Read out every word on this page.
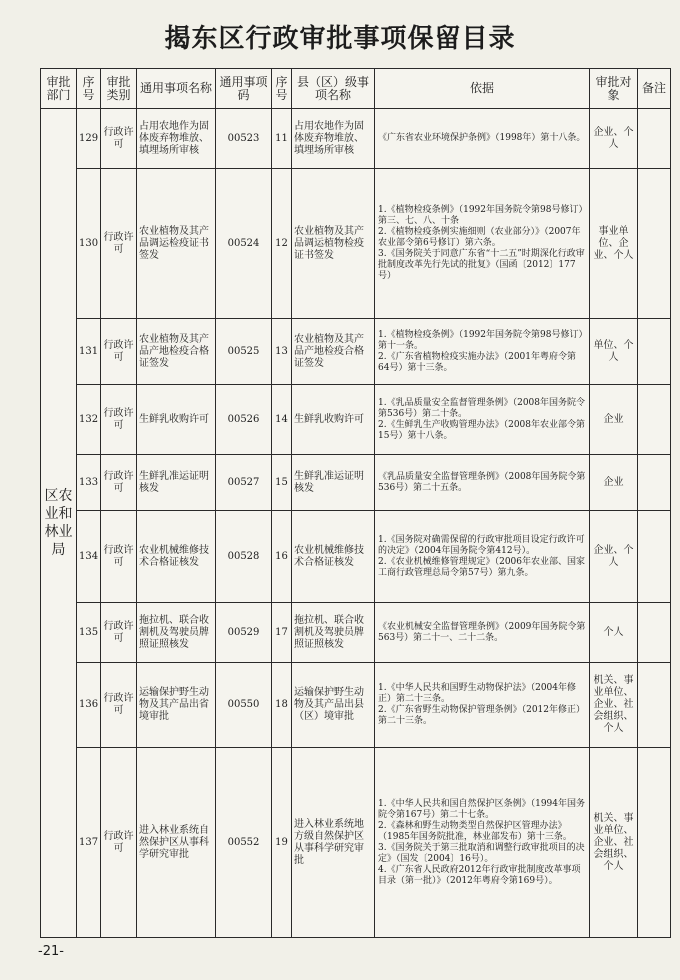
揭东区行政审批事项保留目录
审批部门	序号	审批类别	通用事项名称	通用事项码	序号	县（区）级事项名称	依据	审批对象	备注
区农业和林业局	129	行政许可	占用农地作为固体废弃物堆放、填埋场所审核	00523	11	占用农地作为固体废弃物堆放、填埋场所审核	《广东省农业环境保护条例》（1998年）第十八条。	企业、个人	
	130	行政许可	农业植物及其产品调运检疫证书签发	00524	12	农业植物及其产品调运植物检疫证书签发	1.《植物检疫条例》（1992年国务院令第98号修订）第三、七、八、十条
2.《植物检疫条例实施细则（农业部分）》（2007年农业部令第6号修订）第六条。
3.《国务院关于同意广东省“十二五”时期深化行政审批制度改革先行先试的批复》（国函〔2012〕177号）	事业单位、企业、个人	
	131	行政许可	农业植物及其产品产地检疫合格证签发	00525	13	农业植物及其产品产地检疫合格证签发	1.《植物检疫条例》（1992年国务院令第98号修订）第十一条。
2.《广东省植物检疫实施办法》（2001年粤府令第64号）第十三条。	单位、个人	
	132	行政许可	生鲜乳收购许可	00526	14	生鲜乳收购许可	1.《乳品质量安全监督管理条例》（2008年国务院令第536号）第二十条。
2.《生鲜乳生产收购管理办法》（2008年农业部令第15号）第十八条。	企业	
	133	行政许可	生鲜乳准运证明核发	00527	15	生鲜乳准运证明核发	《乳品质量安全监督管理条例》（2008年国务院令第536号）第二十五条。	企业	
	134	行政许可	农业机械维修技术合格证核发	00528	16	农业机械维修技术合格证核发	1.《国务院对确需保留的行政审批项目设定行政许可的决定》（2004年国务院令第412号）。
2.《农业机械维修管理规定》（2006年农业部、国家工商行政管理总局令第57号）第九条。	企业、个人	
	135	行政许可	拖拉机、联合收割机及驾驶员牌照证照核发	00529	17	拖拉机、联合收割机及驾驶员牌照证照核发	《农业机械安全监督管理条例》（2009年国务院令第563号）第二十一、二十二条。	个人	
	136	行政许可	运输保护野生动物及其产品出省境审批	00550	18	运输保护野生动物及其产品出县（区）境审批	1.《中华人民共和国野生动物保护法》（2004年修正）第二十三条。
2.《广东省野生动物保护管理条例》（2012年修正）第二十三条。	机关、事业单位、企业、社会组织、个人	
	137	行政许可	进入林业系统自然保护区从事科学研究审批	00552	19	进入林业系统地方级自然保护区从事科学研究审批	1.《中华人民共和国自然保护区条例》（1994年国务院令第167号）第二十七条。
2.《森林和野生动物类型自然保护区管理办法》（1985年国务院批准，林业部发布）第十三条。
3.《国务院关于第三批取消和调整行政审批项目的决定》（国发〔2004〕16号）。
4.《广东省人民政府2012年行政审批制度改革事项目录（第一批）》（2012年粤府令第169号）。	机关、事业单位、企业、社会组织、个人	
-21-
